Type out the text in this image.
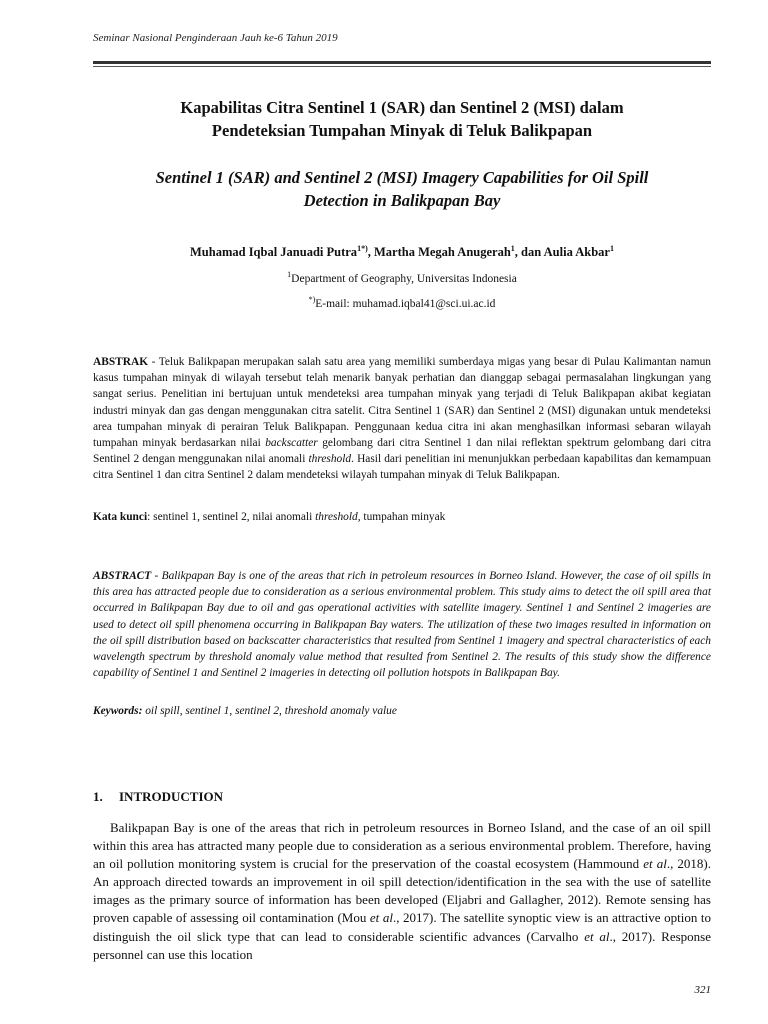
Seminar Nasional Penginderaan Jauh ke-6 Tahun 2019
Kapabilitas Citra Sentinel 1 (SAR) dan Sentinel 2 (MSI) dalam
Pendeteksian Tumpahan Minyak di Teluk Balikpapan
Sentinel 1 (SAR) and Sentinel 2 (MSI) Imagery Capabilities for Oil Spill
Detection in Balikpapan Bay
Muhamad Iqbal Januadi Putra$^{1*)}$, Martha Megah Anugerah$^1$, dan Aulia Akbar$^1$
$^1$Department of Geography, Universitas Indonesia
*)E-mail: muhamad.iqbal41@sci.ui.ac.id
ABSTRAK - Teluk Balikpapan merupakan salah satu area yang memiliki sumberdaya migas yang besar di Pulau Kalimantan namun kasus tumpahan minyak di wilayah tersebut telah menarik banyak perhatian dan dianggap sebagai permasalahan lingkungan yang sangat serius. Penelitian ini bertujuan untuk mendeteksi area tumpahan minyak yang terjadi di Teluk Balikpapan akibat kegiatan industri minyak dan gas dengan menggunakan citra satelit. Citra Sentinel 1 (SAR) dan Sentinel 2 (MSI) digunakan untuk mendeteksi area tumpahan minyak di perairan Teluk Balikpapan. Penggunaan kedua citra ini akan menghasilkan informasi sebaran wilayah tumpahan minyak berdasarkan nilai backscatter gelombang dari citra Sentinel 1 dan nilai reflektan spektrum gelombang dari citra Sentinel 2 dengan menggunakan nilai anomali threshold. Hasil dari penelitian ini menunjukkan perbedaan kapabilitas dan kemampuan citra Sentinel 1 dan citra Sentinel 2 dalam mendeteksi wilayah tumpahan minyak di Teluk Balikpapan.
Kata kunci: sentinel 1, sentinel 2, nilai anomali threshold, tumpahan minyak
ABSTRACT - Balikpapan Bay is one of the areas that rich in petroleum resources in Borneo Island. However, the case of oil spills in this area has attracted people due to consideration as a serious environmental problem. This study aims to detect the oil spill area that occurred in Balikpapan Bay due to oil and gas operational activities with satellite imagery. Sentinel 1 and Sentinel 2 imageries are used to detect oil spill phenomena occurring in Balikpapan Bay waters. The utilization of these two images resulted in information on the oil spill distribution based on backscatter characteristics that resulted from Sentinel 1 imagery and spectral characteristics of each wavelength spectrum by threshold anomaly value method that resulted from Sentinel 2. The results of this study show the difference capability of Sentinel 1 and Sentinel 2 imageries in detecting oil pollution hotspots in Balikpapan Bay.
Keywords: oil spill, sentinel 1, sentinel 2, threshold anomaly value
1. INTRODUCTION
Balikpapan Bay is one of the areas that rich in petroleum resources in Borneo Island, and the case of an oil spill within this area has attracted many people due to consideration as a serious environmental problem. Therefore, having an oil pollution monitoring system is crucial for the preservation of the coastal ecosystem (Hammound et al., 2018). An approach directed towards an improvement in oil spill detection/identification in the sea with the use of satellite images as the primary source of information has been developed (Eljabri and Gallagher, 2012). Remote sensing has proven capable of assessing oil contamination (Mou et al., 2017). The satellite synoptic view is an attractive option to distinguish the oil slick type that can lead to considerable scientific advances (Carvalho et al., 2017). Response personnel can use this location
321
